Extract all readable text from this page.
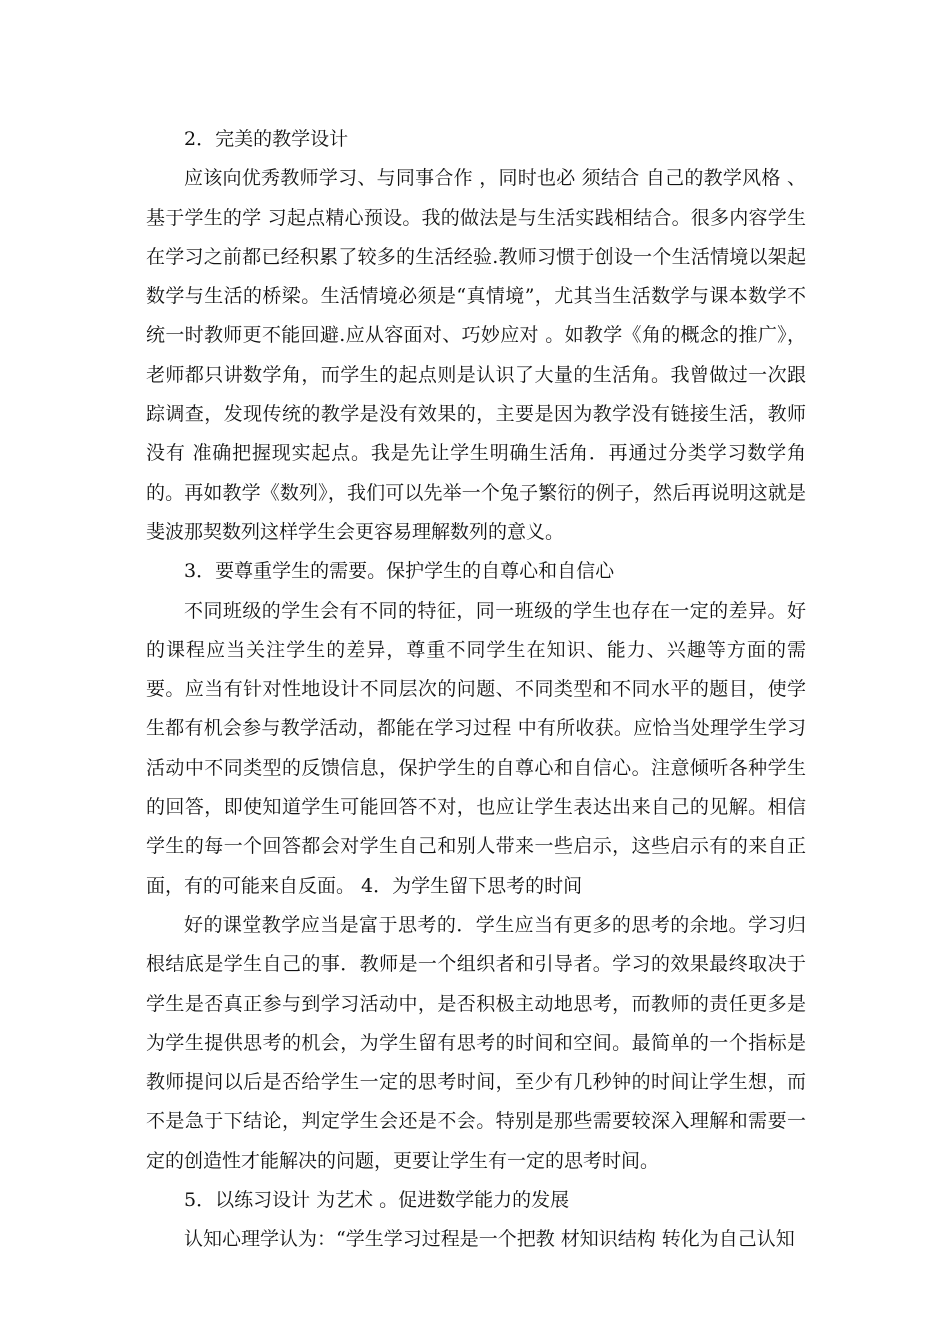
2．完美的教学设计

应该向优秀教师学习、与同事合作 ，同时也必 须结合 自己的教学风格 、基于学生的学 习起点精心预设。我的做法是与生活实践相结合。很多内容学生在学习之前都已经积累了较多的生活经验.教师习惯于创设一个生活情境以架起数学与生活的桥梁。生活情境必须是“真情境”，尤其当生活数学与课本数学不统一时教师更不能回避.应从容面对、巧妙应对 。如教学《角的概念的推广》，老师都只讲数学角，而学生的起点则是认识了大量的生活角。我曾做过一次跟踪调查，发现传统的教学是没有效果的，主要是因为教学没有链接生活，教师没有 准确把握现实起点。我是先让学生明确生活角．再通过分类学习数学角的。再如教学《数列》，我们可以先举一个兔子繁衍的例子，然后再说明这就是斐波那契数列这样学生会更容易理解数列的意义。

3．要尊重学生的需要。保护学生的自尊心和自信心

不同班级的学生会有不同的特征，同一班级的学生也存在一定的差异。好的课程应当关注学生的差异，尊重不同学生在知识、能力、兴趣等方面的需要。应当有针对性地设计不同层次的问题、不同类型和不同水平的题目，使学生都有机会参与教学活动，都能在学习过程 中有所收获。应恰当处理学生学习活动中不同类型的反馈信息，保护学生的自尊心和自信心。注意倾听各种学生的回答，即使知道学生可能回答不对，也应让学生表达出来自己的见解。相信学生的每一个回答都会对学生自己和别人带来一些启示，这些启示有的来自正面，有的可能来自反面。 4．为学生留下思考的时间

好的课堂教学应当是富于思考的．学生应当有更多的思考的余地。学习归根结底是学生自己的事．教师是一个组织者和引导者。学习的效果最终取决于学生是否真正参与到学习活动中，是否积极主动地思考，而教师的责任更多是为学生提供思考的机会，为学生留有思考的时间和空间。最简单的一个指标是教师提问以后是否给学生一定的思考时间，至少有几秒钟的时间让学生想，而不是急于下结论，判定学生会还是不会。特别是那些需要较深入理解和需要一定的创造性才能解决的问题，更要让学生有一定的思考时间。

5．以练习设计 为艺术 。促进数学能力的发展

认知心理学认为：“学生学习过程是一个把教 材知识结构 转化为自己认知
